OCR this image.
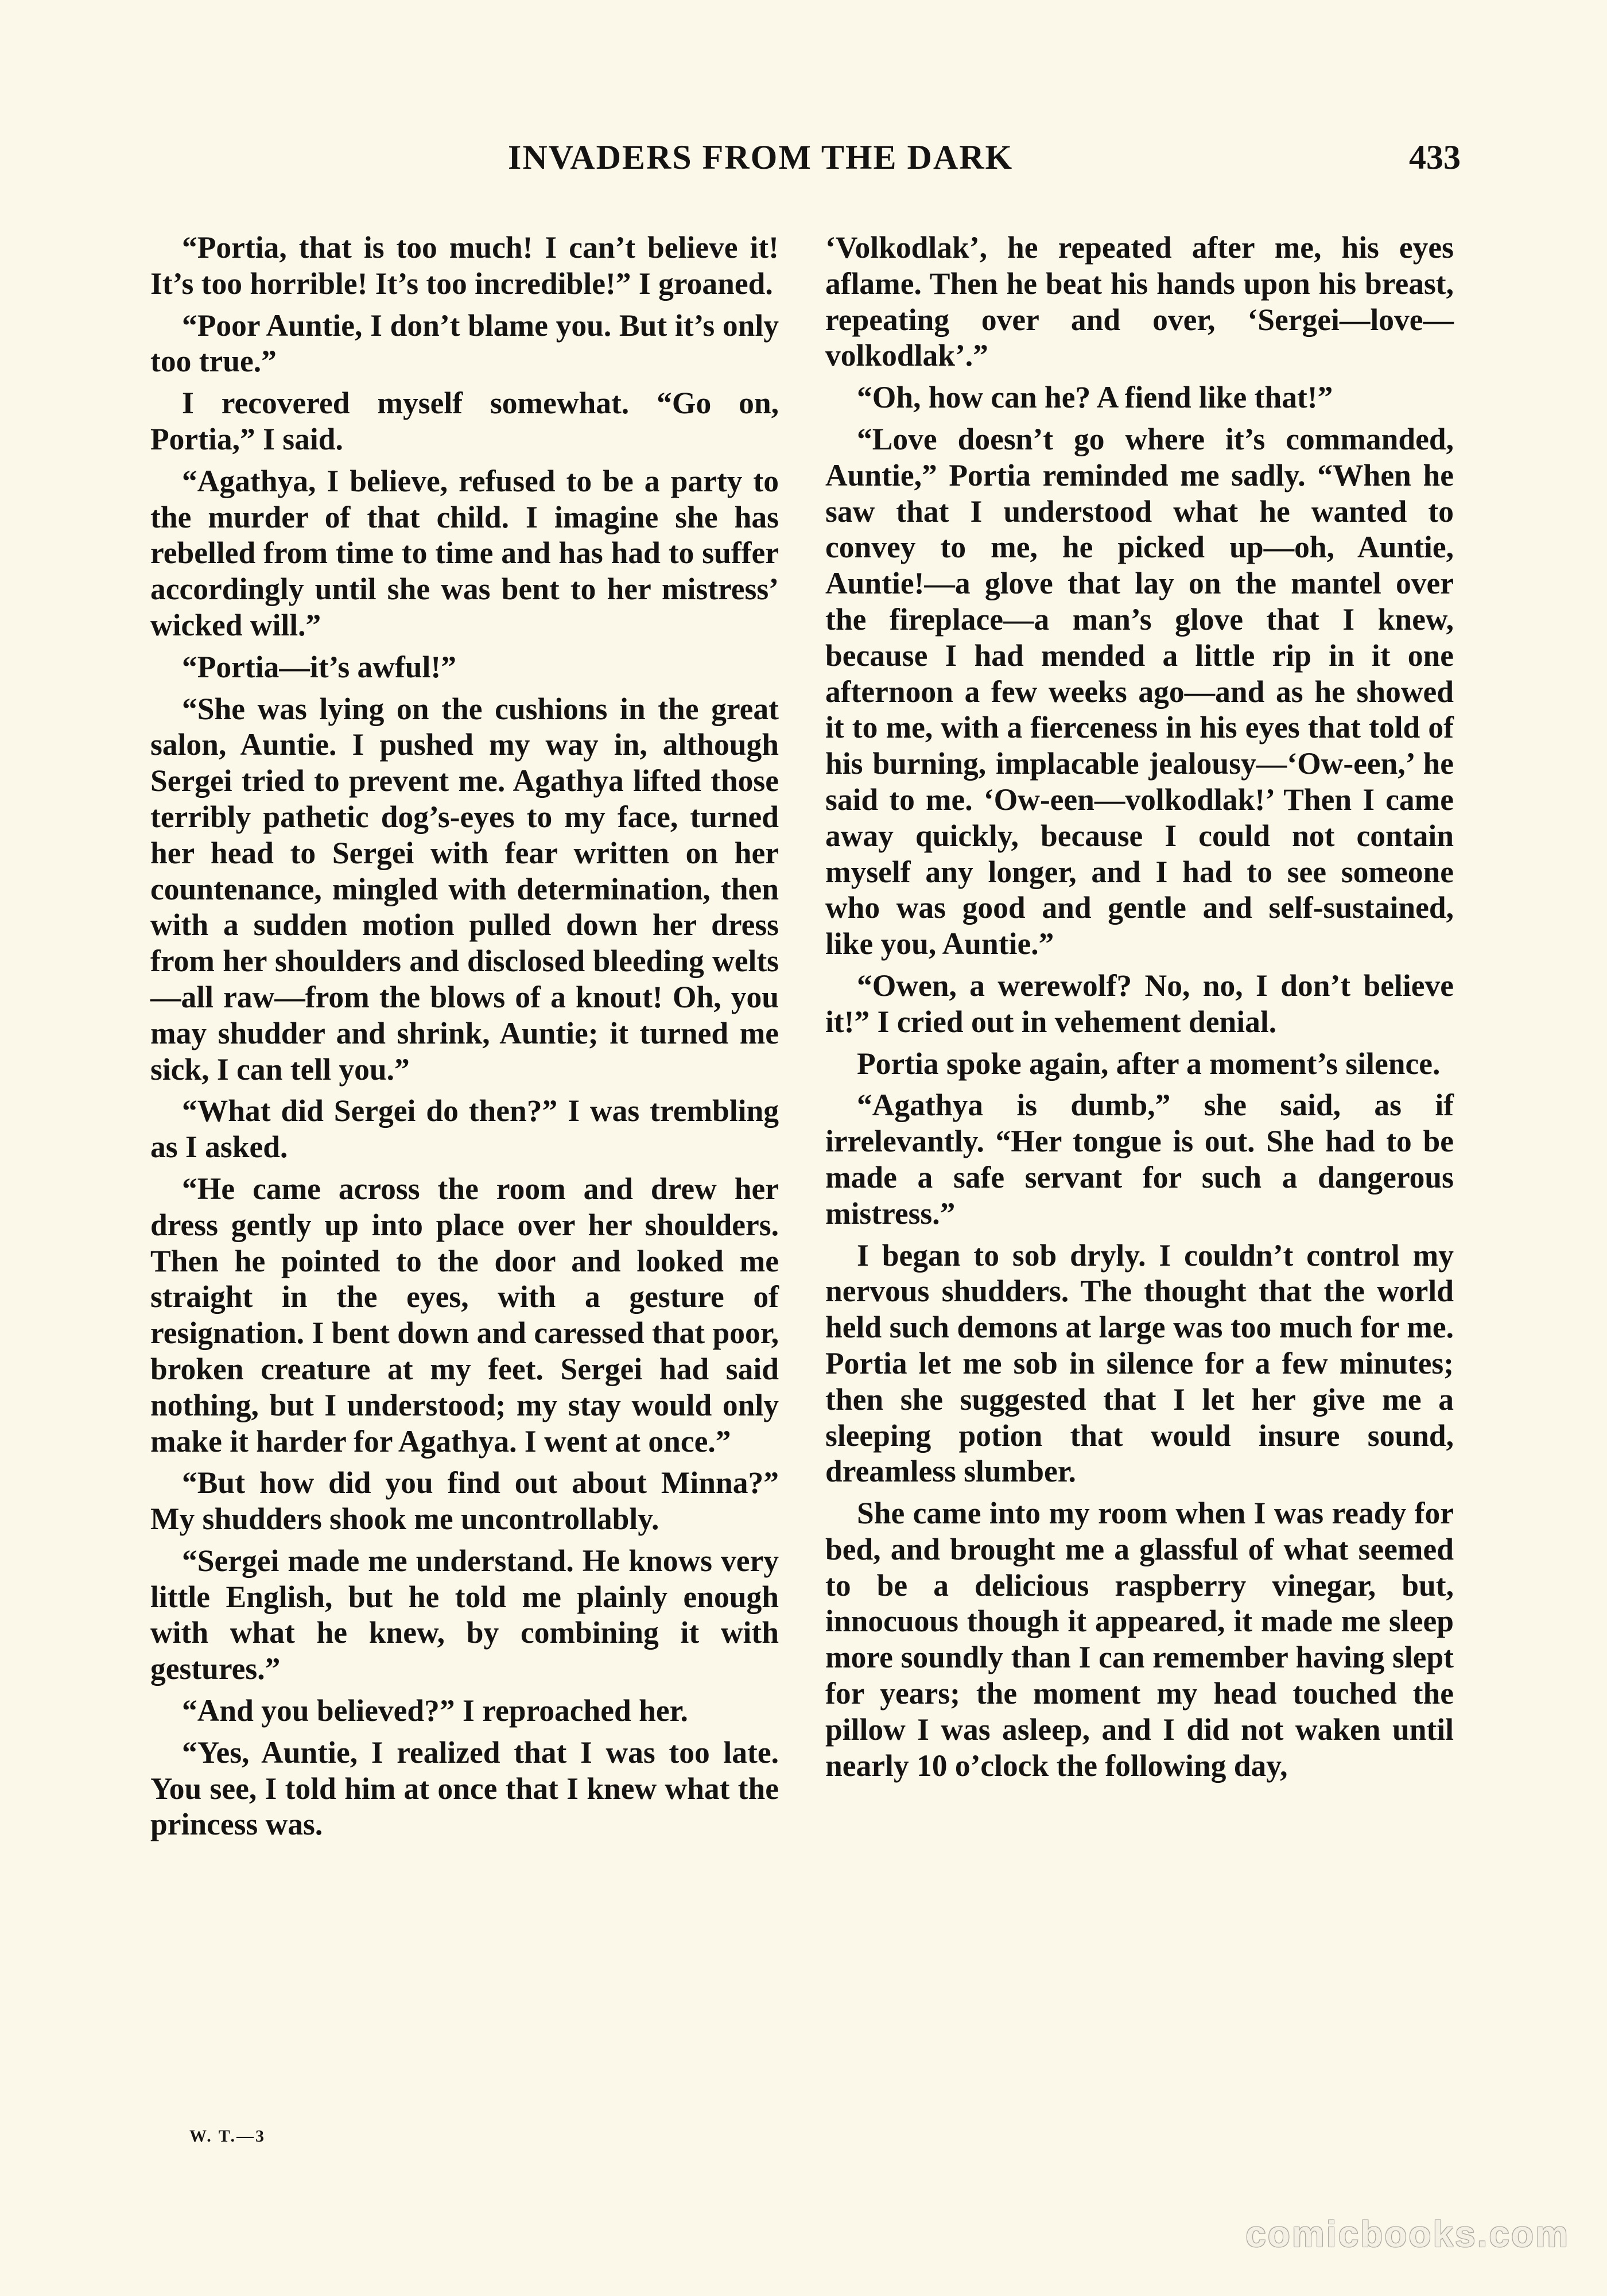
INVADERS FROM THE DARK	433

“Portia, that is too much! I can’t believe it! It’s too horrible! It’s too incredible!” I groaned.

“Poor Auntie, I don’t blame you. But it’s only too true.”

I recovered myself somewhat. “Go on, Portia,” I said.

“Agathya, I believe, refused to be a party to the murder of that child. I imagine she has rebelled from time to time and has had to suffer accordingly until she was bent to her mistress’ wicked will.”

“Portia—it’s awful!”

“She was lying on the cushions in the great salon, Auntie. I pushed my way in, although Sergei tried to prevent me. Agathya lifted those terribly pathetic dog’s-eyes to my face, turned her head to Sergei with fear written on her countenance, mingled with determination, then with a sudden motion pulled down her dress from her shoulders and disclosed bleeding welts—all raw—from the blows of a knout! Oh, you may shudder and shrink, Auntie; it turned me sick, I can tell you.”

“What did Sergei do then?” I was trembling as I asked.

“He came across the room and drew her dress gently up into place over her shoulders. Then he pointed to the door and looked me straight in the eyes, with a gesture of resignation. I bent down and caressed that poor, broken creature at my feet. Sergei had said nothing, but I understood; my stay would only make it harder for Agathya. I went at once.”

“But how did you find out about Minna?” My shudders shook me uncontrollably.

“Sergei made me understand. He knows very little English, but he told me plainly enough with what he knew, by combining it with gestures.”

“And you believed?” I reproached her.

“Yes, Auntie, I realized that I was too late. You see, I told him at once that I knew what the princess was.

‘Volkodlak’, he repeated after me, his eyes aflame. Then he beat his hands upon his breast, repeating over and over, ‘Sergei—love—volkodlak’.”

“Oh, how can he? A fiend like that!”

“Love doesn’t go where it’s commanded, Auntie,” Portia reminded me sadly. “When he saw that I understood what he wanted to convey to me, he picked up—oh, Auntie, Auntie!—a glove that lay on the mantel over the fireplace—a man’s glove that I knew, because I had mended a little rip in it one afternoon a few weeks ago—and as he showed it to me, with a fierceness in his eyes that told of his burning, implacable jealousy—‘Ow-een,’ he said to me. ‘Ow-een—volkodlak!’ Then I came away quickly, because I could not contain myself any longer, and I had to see someone who was good and gentle and self-sustained, like you, Auntie.”

“Owen, a werewolf? No, no, I don’t believe it!” I cried out in vehement denial.

Portia spoke again, after a moment’s silence.

“Agathya is dumb,” she said, as if irrelevantly. “Her tongue is out. She had to be made a safe servant for such a dangerous mistress.”

I began to sob dryly. I couldn’t control my nervous shudders. The thought that the world held such demons at large was too much for me. Portia let me sob in silence for a few minutes; then she suggested that I let her give me a sleeping potion that would insure sound, dreamless slumber.

She came into my room when I was ready for bed, and brought me a glassful of what seemed to be a delicious raspberry vinegar, but, innocuous though it appeared, it made me sleep more soundly than I can remember having slept for years; the moment my head touched the pillow I was asleep, and I did not waken until nearly 10 o’clock the following day,

W. T.—3
comicbooks.com
